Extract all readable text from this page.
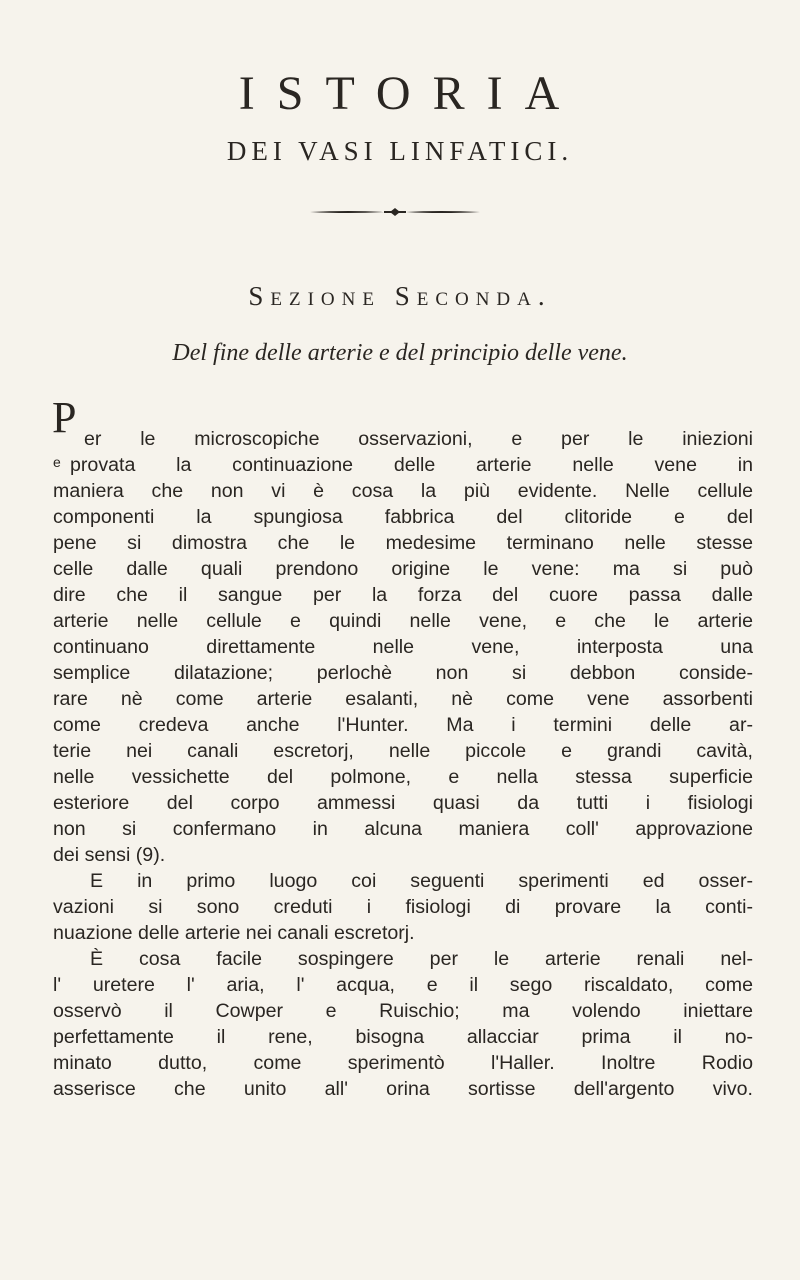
ISTORIA
DEI VASI LINFATICI.
Sezione Seconda.
Del fine delle arterie e del principio delle vene.
P
e
er le microscopiche osservazioni, e per le iniezioni
provata la continuazione delle arterie nelle vene in
maniera che non vi è cosa la più evidente. Nelle cellule
componenti la spungiosa fabbrica del clitoride e del
pene si dimostra che le medesime terminano nelle stesse
celle dalle quali prendono origine le vene: ma si può
dire che il sangue per la forza del cuore passa dalle
arterie nelle cellule e quindi nelle vene, e che le arterie
continuano direttamente nelle vene, interposta una
semplice dilatazione; perlochè non si debbon conside-
rare nè come arterie esalanti, nè come vene assorbenti
come credeva anche l'Hunter. Ma i termini delle ar-
terie nei canali escretorj, nelle piccole e grandi cavità,
nelle vessichette del polmone, e nella stessa superficie
esteriore del corpo ammessi quasi da tutti i fisiologi
non si confermano in alcuna maniera coll' approvazione
dei sensi (9).
E in primo luogo coi seguenti sperimenti ed osser-
vazioni si sono creduti i fisiologi di provare la conti-
nuazione delle arterie nei canali escretorj.
È cosa facile sospingere per le arterie renali nel-
l' uretere l' aria, l' acqua, e il sego riscaldato, come
osservò il Cowper e Ruischio; ma volendo iniettare
perfettamente il rene, bisogna allacciar prima il no-
minato dutto, come sperimentò l'Haller. Inoltre Rodio
asserisce che unito all' orina sortisse dell'argento vivo.
